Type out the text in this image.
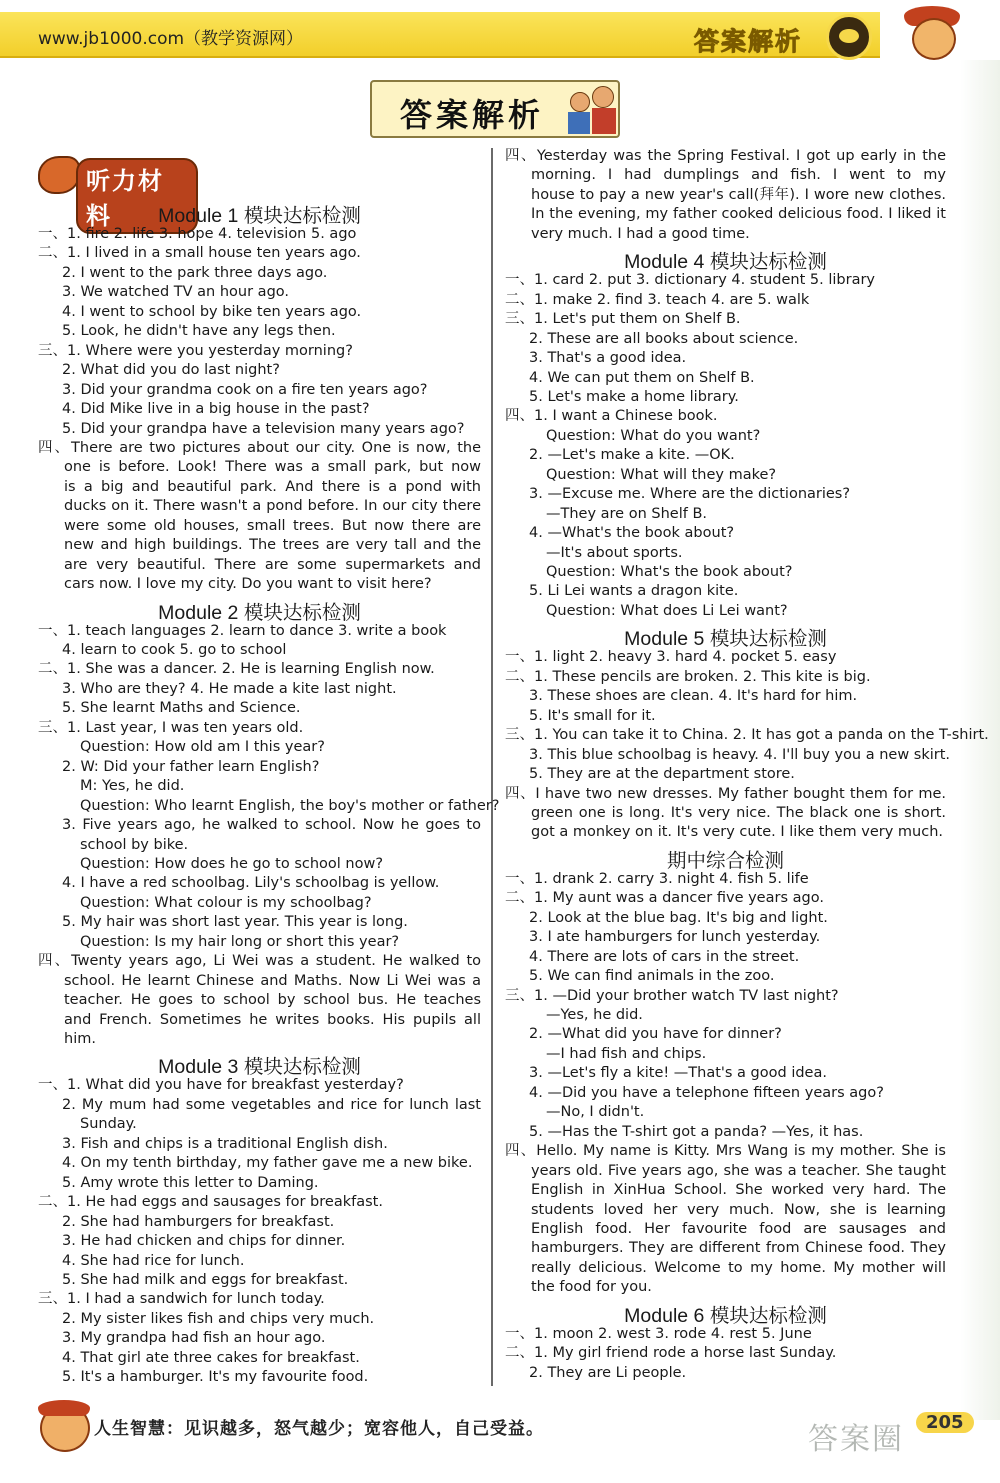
www.jb1000.com（教学资源网）	答案解析
答案解析
听力材料	Module 1 模块达标检测
一、1. fire 2. life 3. hope 4. television 5. ago
二、1. I lived in a small house ten years ago.
2. I went to the park three days ago.
3. We watched TV an hour ago.
4. I went to school by bike ten years ago.
5. Look, he didn't have any legs then.
三、1. Where were you yesterday morning?
2. What did you do last night?
3. Did your grandma cook on a fire ten years ago?
4. Did Mike live in a big house in the past?
5. Did your grandpa have a television many years ago?
四、There are two pictures about our city. One is now, the
one is before. Look! There was a small park, but now
is a big and beautiful park. And there is a pond with
ducks on it. There wasn't a pond before. In our city there
were some old houses, small trees. But now there are
new and high buildings. The trees are very tall and the
are very beautiful. There are some supermarkets and
cars now. I love my city. Do you want to visit here?
Module 2 模块达标检测
一、1. teach languages 2. learn to dance 3. write a book
4. learn to cook 5. go to school
二、1. She was a dancer. 2. He is learning English now.
3. Who are they? 4. He made a kite last night.
5. She learnt Maths and Science.
三、1. Last year, I was ten years old.
Question: How old am I this year?
2. W: Did your father learn English?
M: Yes, he did.
Question: Who learnt English, the boy's mother or father?
3. Five years ago, he walked to school. Now he goes to
school by bike.
Question: How does he go to school now?
4. I have a red schoolbag. Lily's schoolbag is yellow.
Question: What colour is my schoolbag?
5. My hair was short last year. This year is long.
Question: Is my hair long or short this year?
四、Twenty years ago, Li Wei was a student. He walked to
school. He learnt Chinese and Maths. Now Li Wei was a
teacher. He goes to school by school bus. He teaches
and French. Sometimes he writes books. His pupils all
him.
Module 3 模块达标检测
一、1. What did you have for breakfast yesterday?
2. My mum had some vegetables and rice for lunch last
Sunday.
3. Fish and chips is a traditional English dish.
4. On my tenth birthday, my father gave me a new bike.
5. Amy wrote this letter to Daming.
二、1. He had eggs and sausages for breakfast.
2. She had hamburgers for breakfast.
3. He had chicken and chips for dinner.
4. She had rice for lunch.
5. She had milk and eggs for breakfast.
三、1. I had a sandwich for lunch today.
2. My sister likes fish and chips very much.
3. My grandpa had fish an hour ago.
4. That girl ate three cakes for breakfast.
5. It's a hamburger. It's my favourite food.
四、Yesterday was the Spring Festival. I got up early in the
morning. I had dumplings and fish. I went to my
house to pay a new year's call(拜年). I wore new clothes.
In the evening, my father cooked delicious food. I liked it
very much. I had a good time.
Module 4 模块达标检测
一、1. card 2. put 3. dictionary 4. student 5. library
二、1. make 2. find 3. teach 4. are 5. walk
三、1. Let's put them on Shelf B.
2. These are all books about science.
3. That's a good idea.
4. We can put them on Shelf B.
5. Let's make a home library.
四、1. I want a Chinese book.
Question: What do you want?
2. —Let's make a kite. —OK.
Question: What will they make?
3. —Excuse me. Where are the dictionaries?
—They are on Shelf B.
4. —What's the book about?
—It's about sports.
Question: What's the book about?
5. Li Lei wants a dragon kite.
Question: What does Li Lei want?
Module 5 模块达标检测
一、1. light 2. heavy 3. hard 4. pocket 5. easy
二、1. These pencils are broken. 2. This kite is big.
3. These shoes are clean. 4. It's hard for him.
5. It's small for it.
三、1. You can take it to China. 2. It has got a panda on the T-shirt.
3. This blue schoolbag is heavy. 4. I'll buy you a new skirt.
5. They are at the department store.
四、I have two new dresses. My father bought them for me.
green one is long. It's very nice. The black one is short.
got a monkey on it. It's very cute. I like them very much.
期中综合检测
一、1. drank 2. carry 3. night 4. fish 5. life
二、1. My aunt was a dancer five years ago.
2. Look at the blue bag. It's big and light.
3. I ate hamburgers for lunch yesterday.
4. There are lots of cars in the street.
5. We can find animals in the zoo.
三、1. —Did your brother watch TV last night?
—Yes, he did.
2. —What did you have for dinner?
—I had fish and chips.
3. —Let's fly a kite! —That's a good idea.
4. —Did you have a telephone fifteen years ago?
—No, I didn't.
5. —Has the T-shirt got a panda? —Yes, it has.
四、Hello. My name is Kitty. Mrs Wang is my mother. She is
years old. Five years ago, she was a teacher. She taught
English in XinHua School. She worked very hard. The
students loved her very much. Now, she is learning
English food. Her favourite food are sausages and
hamburgers. They are different from Chinese food. They
really delicious. Welcome to my home. My mother will
the food for you.
Module 6 模块达标检测
一、1. moon 2. west 3. rode 4. rest 5. June
二、1. My girl friend rode a horse last Sunday.
2. They are Li people.
人生智慧：见识越多，怒气越少；宽容他人，自己受益。	答案圈	205
